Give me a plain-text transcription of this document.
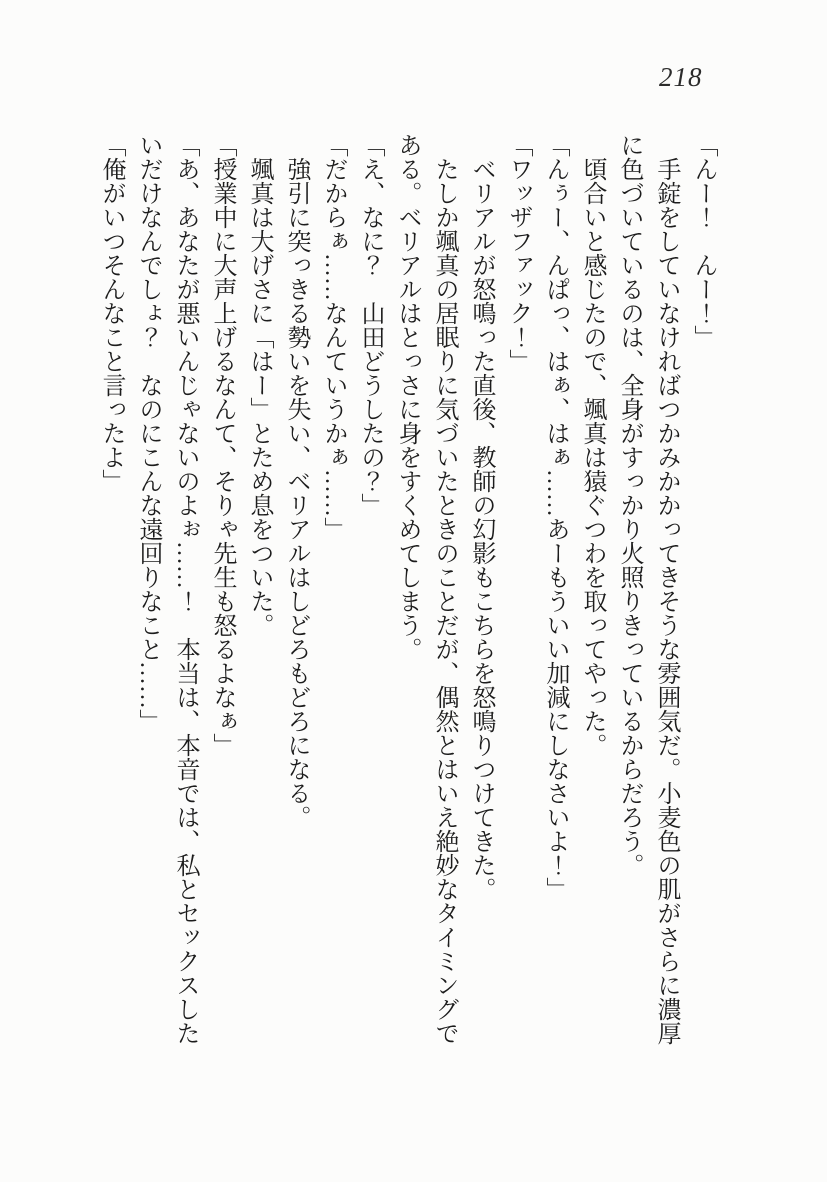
218

「んー！　んー！」

　手錠をしていなければつかみかかってきそうな雰囲気だ。小麦色の肌がさらに濃厚に色づいているのは、全身がすっかり火照りきっているからだろう。

　頃合いと感じたので、颯真は猿ぐつわを取ってやった。

「んぅー、んぱっ、はぁ、はぁ……あーもういい加減にしなさいよ！」

「ワッザファック！」

　ベリアルが怒鳴った直後、教師の幻影もこちらを怒鳴りつけてきた。

　たしか颯真の居眠りに気づいたときのことだが、偶然とはいえ絶妙なタイミングである。ベリアルはとっさに身をすくめてしまう。

「え、なに？　山田どうしたの？」

「だからぁ……なんていうかぁ……」

　強引に突っきる勢いを失い、ベリアルはしどろもどろになる。

　颯真は大げさに「はー」とため息をついた。

「授業中に大声上げるなんて、そりゃ先生も怒るよなぁ」

「あ、あなたが悪いんじゃないのよぉ……！　本当は、本音では、私とセックスしたいだけなんでしょ？　なのにこんな遠回りなこと……」

「俺がいつそんなこと言ったよ」
